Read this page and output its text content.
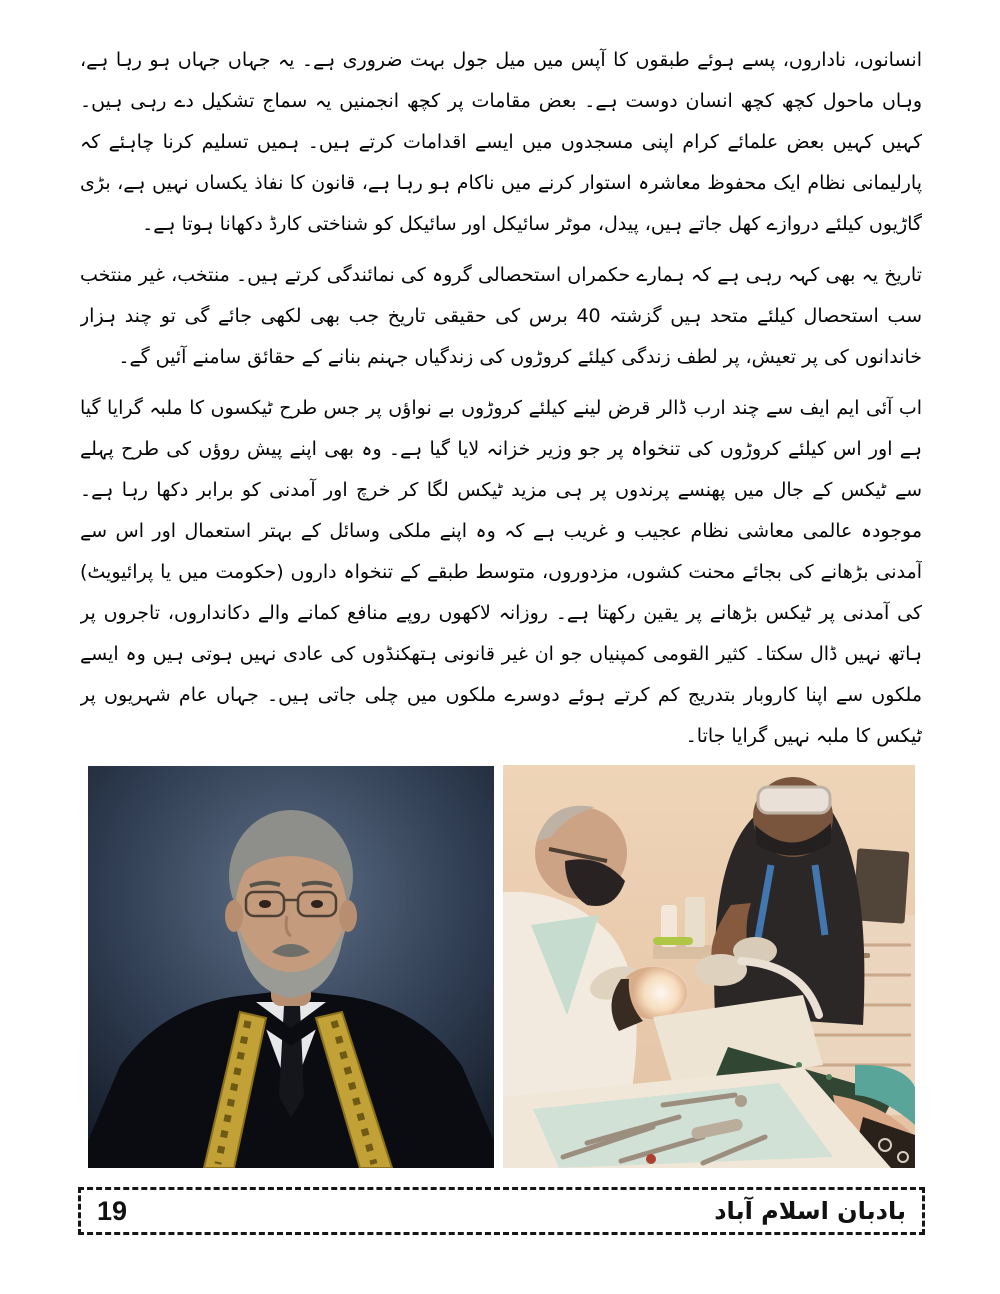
انسانوں، ناداروں، پسے ہوئے طبقوں کا آپس میں میل جول بہت ضروری ہے۔ یہ جہاں جہاں ہو رہا ہے، وہاں ماحول کچھ کچھ انسان دوست ہے۔ بعض مقامات پر کچھ انجمنیں یہ سماج تشکیل دے رہی ہیں۔ کہیں کہیں بعض علمائے کرام اپنی مسجدوں میں ایسے اقدامات کرتے ہیں۔ ہمیں تسلیم کرنا چاہئے کہ پارلیمانی نظام ایک محفوظ معاشرہ استوار کرنے میں ناکام ہو رہا ہے، قانون کا نفاذ یکساں نہیں ہے، بڑی گاڑیوں کیلئے دروازے کھل جاتے ہیں، پیدل، موٹر سائیکل اور سائیکل کو شناختی کارڈ دکھانا ہوتا ہے۔

تاریخ یہ بھی کہہ رہی ہے کہ ہمارے حکمراں استحصالی گروہ کی نمائندگی کرتے ہیں۔ منتخب، غیر منتخب سب استحصال کیلئے متحد ہیں گزشتہ 40 برس کی حقیقی تاریخ جب بھی لکھی جائے گی تو چند ہزار خاندانوں کی پر تعیش، پر لطف زندگی کیلئے کروڑوں کی زندگیاں جہنم بنانے کے حقائق سامنے آئیں گے۔

اب آئی ایم ایف سے چند ارب ڈالر قرض لینے کیلئے کروڑوں بے نواؤں پر جس طرح ٹیکسوں کا ملبہ گرایا گیا ہے اور اس کیلئے کروڑوں کی تنخواہ پر جو وزیر خزانہ لایا گیا ہے۔ وہ بھی اپنے پیش روؤں کی طرح پہلے سے ٹیکس کے جال میں پھنسے پرندوں پر ہی مزید ٹیکس لگا کر خرچ اور آمدنی کو برابر دکھا رہا ہے۔ موجودہ عالمی معاشی نظام عجیب و غریب ہے کہ وہ اپنے ملکی وسائل کے بہتر استعمال اور اس سے آمدنی بڑھانے کی بجائے محنت کشوں، مزدوروں، متوسط طبقے کے تنخواہ داروں (حکومت میں یا پرائیویٹ) کی آمدنی پر ٹیکس بڑھانے پر یقین رکھتا ہے۔ روزانہ لاکھوں روپے منافع کمانے والے دکانداروں، تاجروں پر ہاتھ نہیں ڈال سکتا۔ کثیر القومی کمپنیاں جو ان غیر قانونی ہتھکنڈوں کی عادی نہیں ہوتی ہیں وہ ایسے ملکوں سے اپنا کاروبار بتدریج کم کرتے ہوئے دوسرے ملکوں میں چلی جاتی ہیں۔ جہاں عام شہریوں پر ٹیکس کا ملبہ نہیں گرایا جاتا۔

19	بادبان اسلام آباد
